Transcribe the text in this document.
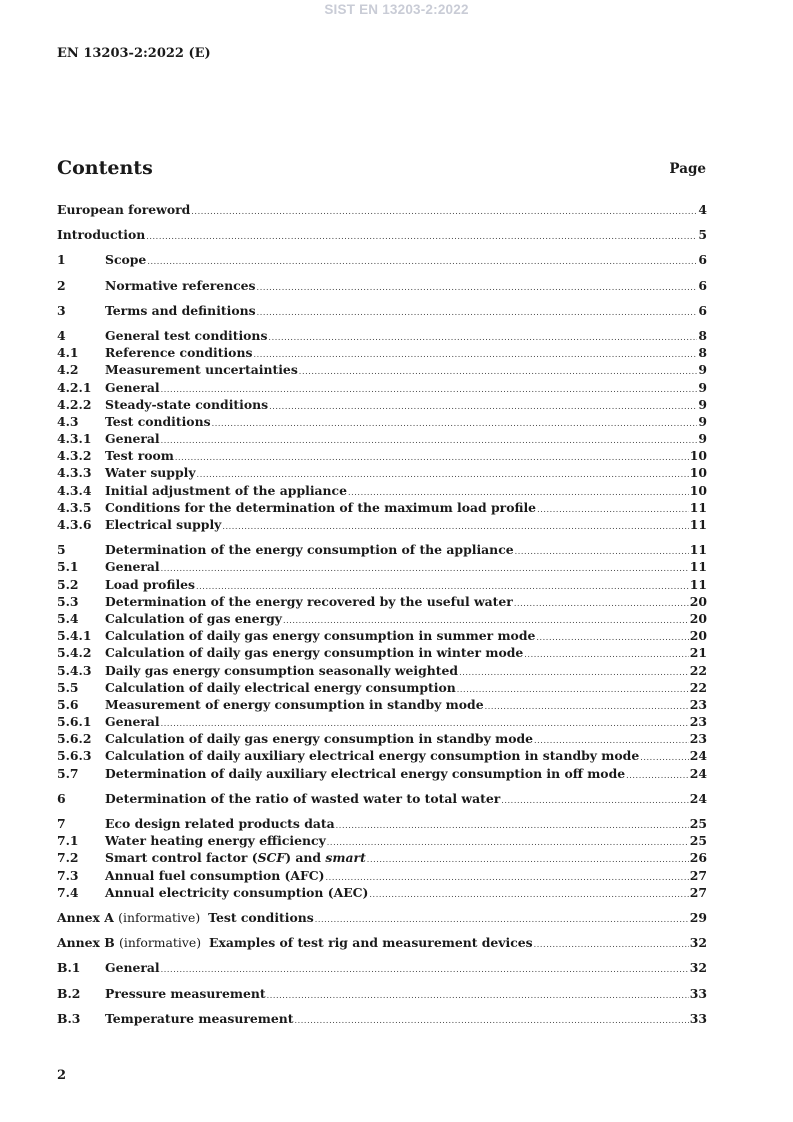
SIST EN 13203-2:2022
EN 13203-2:2022 (E)
Contents	Page
European foreword .....	4
Introduction .....	5
1	Scope .....	6
2	Normative references .....	6
3	Terms and definitions .....	6
4	General test conditions .....	8
4.1	Reference conditions .....	8
4.2	Measurement uncertainties .....	9
4.2.1	General .....	9
4.2.2	Steady-state conditions .....	9
4.3	Test conditions .....	9
4.3.1	General .....	9
4.3.2	Test room .....	10
4.3.3	Water supply .....	10
4.3.4	Initial adjustment of the appliance .....	10
4.3.5	Conditions for the determination of the maximum load profile .....	11
4.3.6	Electrical supply .....	11
5	Determination of the energy consumption of the appliance .....	11
5.1	General .....	11
5.2	Load profiles .....	11
5.3	Determination of the energy recovered by the useful water .....	20
5.4	Calculation of gas energy .....	20
5.4.1	Calculation of daily gas energy consumption in summer mode .....	20
5.4.2	Calculation of daily gas energy consumption in winter mode .....	21
5.4.3	Daily gas energy consumption seasonally weighted .....	22
5.5	Calculation of daily electrical energy consumption .....	22
5.6	Measurement of energy consumption in standby mode .....	23
5.6.1	General .....	23
5.6.2	Calculation of daily gas energy consumption in standby mode .....	23
5.6.3	Calculation of daily auxiliary electrical energy consumption in standby mode .....	24
5.7	Determination of daily auxiliary electrical energy consumption in off mode .....	24
6	Determination of the ratio of wasted water to total water .....	24
7	Eco design related products data .....	25
7.1	Water heating energy efficiency .....	25
7.2	Smart control factor (SCF) and smart .....	26
7.3	Annual fuel consumption (AFC) .....	27
7.4	Annual electricity consumption (AEC) .....	27
Annex A (informative) Test conditions .....	29
Annex B (informative) Examples of test rig and measurement devices .....	32
B.1	General .....	32
B.2	Pressure measurement .....	33
B.3	Temperature measurement .....	33
2
